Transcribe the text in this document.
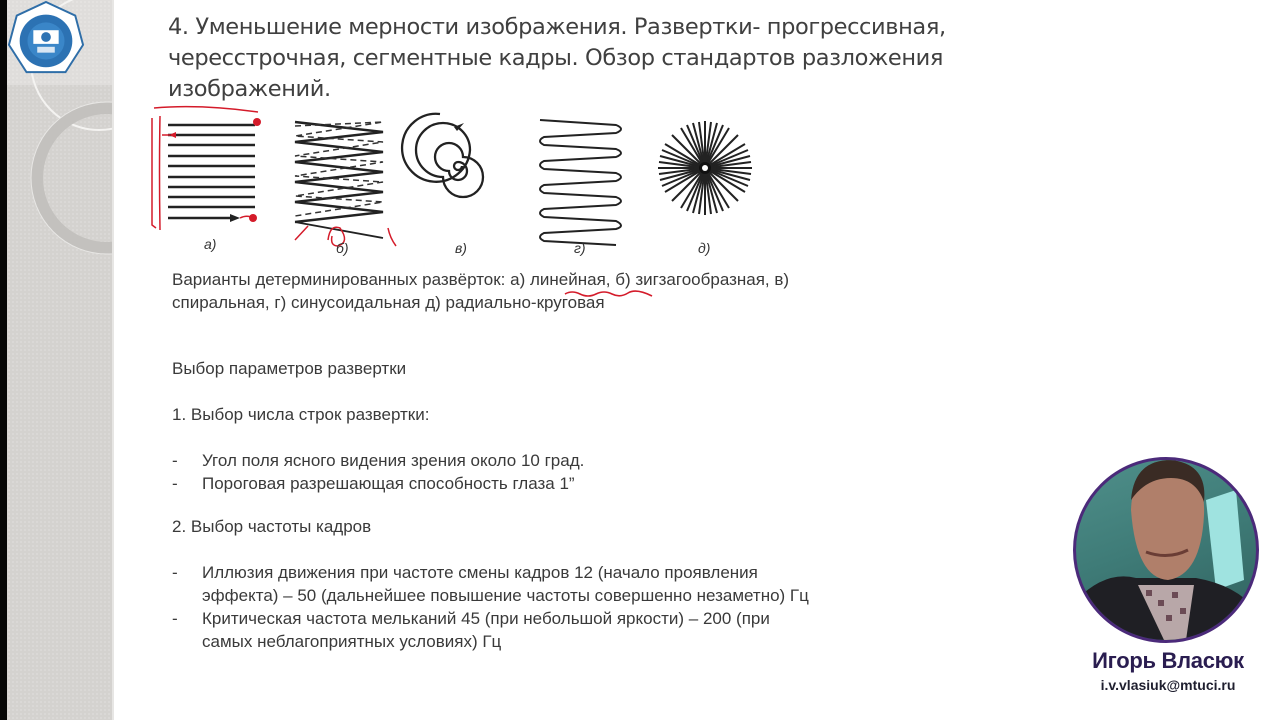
4. Уменьшение мерности изображения. Развертки- прогрессивная, чересстрочная, сегментные кадры. Обзор стандартов разложения изображений.
а)	б)	в)	г)	д)
Варианты детерминированных развёрток: а) линейная, б) зигзагообразная, в)
спиральная, г) синусоидальная д) радиально-круговая
Выбор параметров развертки
1. Выбор числа строк развертки:
- Угол поля ясного видения зрения около 10 град.
- Пороговая разрешающая способность глаза 1”
2. Выбор частоты кадров
- Иллюзия движения при частоте смены кадров 12 (начало проявления
эффекта) – 50 (дальнейшее повышение частоты совершенно незаметно) Гц
- Критическая частота мельканий 45 (при небольшой яркости) – 200 (при
самых неблагоприятных условиях) Гц
Игорь Власюк
i.v.vlasiuk@mtuci.ru
